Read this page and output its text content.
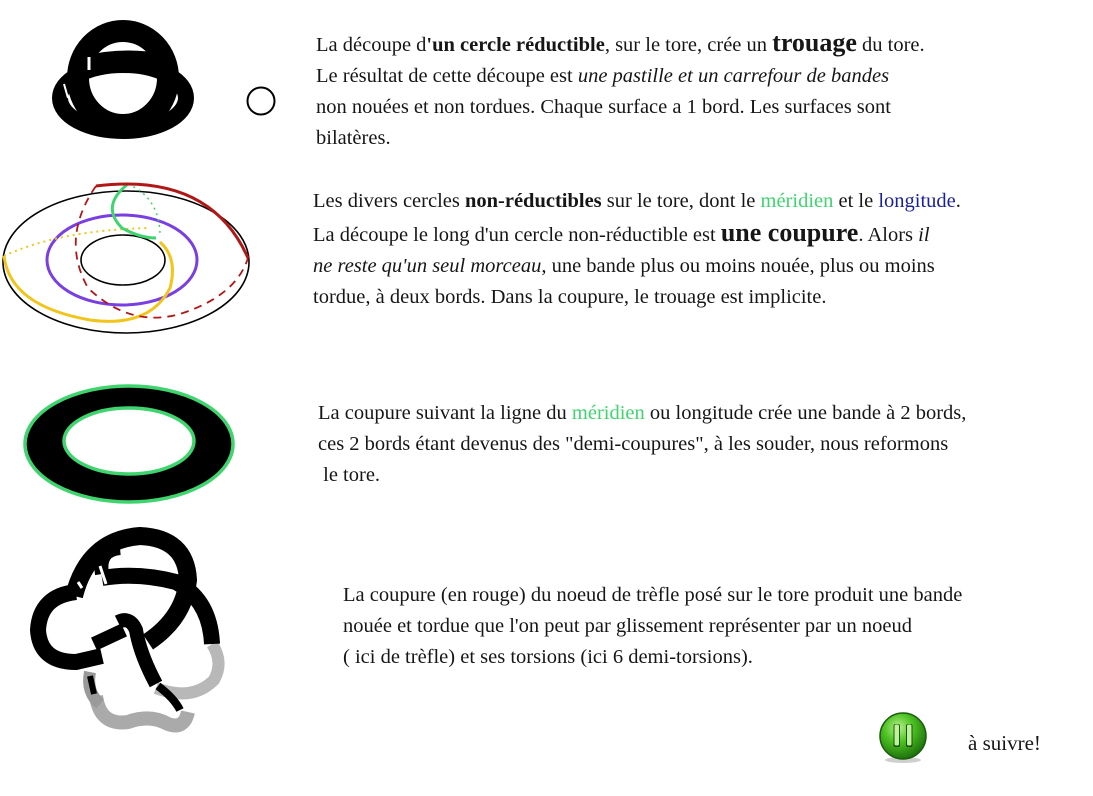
La découpe d'un cercle réductible, sur le tore, crée un trouage du tore.
Le résultat de cette découpe est une pastille et un carrefour de bandes
non nouées et non tordues. Chaque surface a 1 bord. Les surfaces sont
bilatères.
Les divers cercles non-réductibles sur le tore, dont le méridien et le longitude.
La découpe le long d'un cercle non-réductible est une coupure. Alors il
ne reste qu'un seul morceau, une bande plus ou moins nouée, plus ou moins
tordue, à deux bords. Dans la coupure, le trouage est implicite.
La coupure suivant la ligne du méridien ou longitude crée une bande à 2 bords,
ces 2 bords étant devenus des "demi-coupures", à les souder, nous reformons
le tore.
La coupure (en rouge) du noeud de trèfle posé sur le tore produit une bande
nouée et tordue que l'on peut par glissement représenter par un noeud
( ici de trèfle) et ses torsions (ici 6 demi-torsions).
à suivre!
